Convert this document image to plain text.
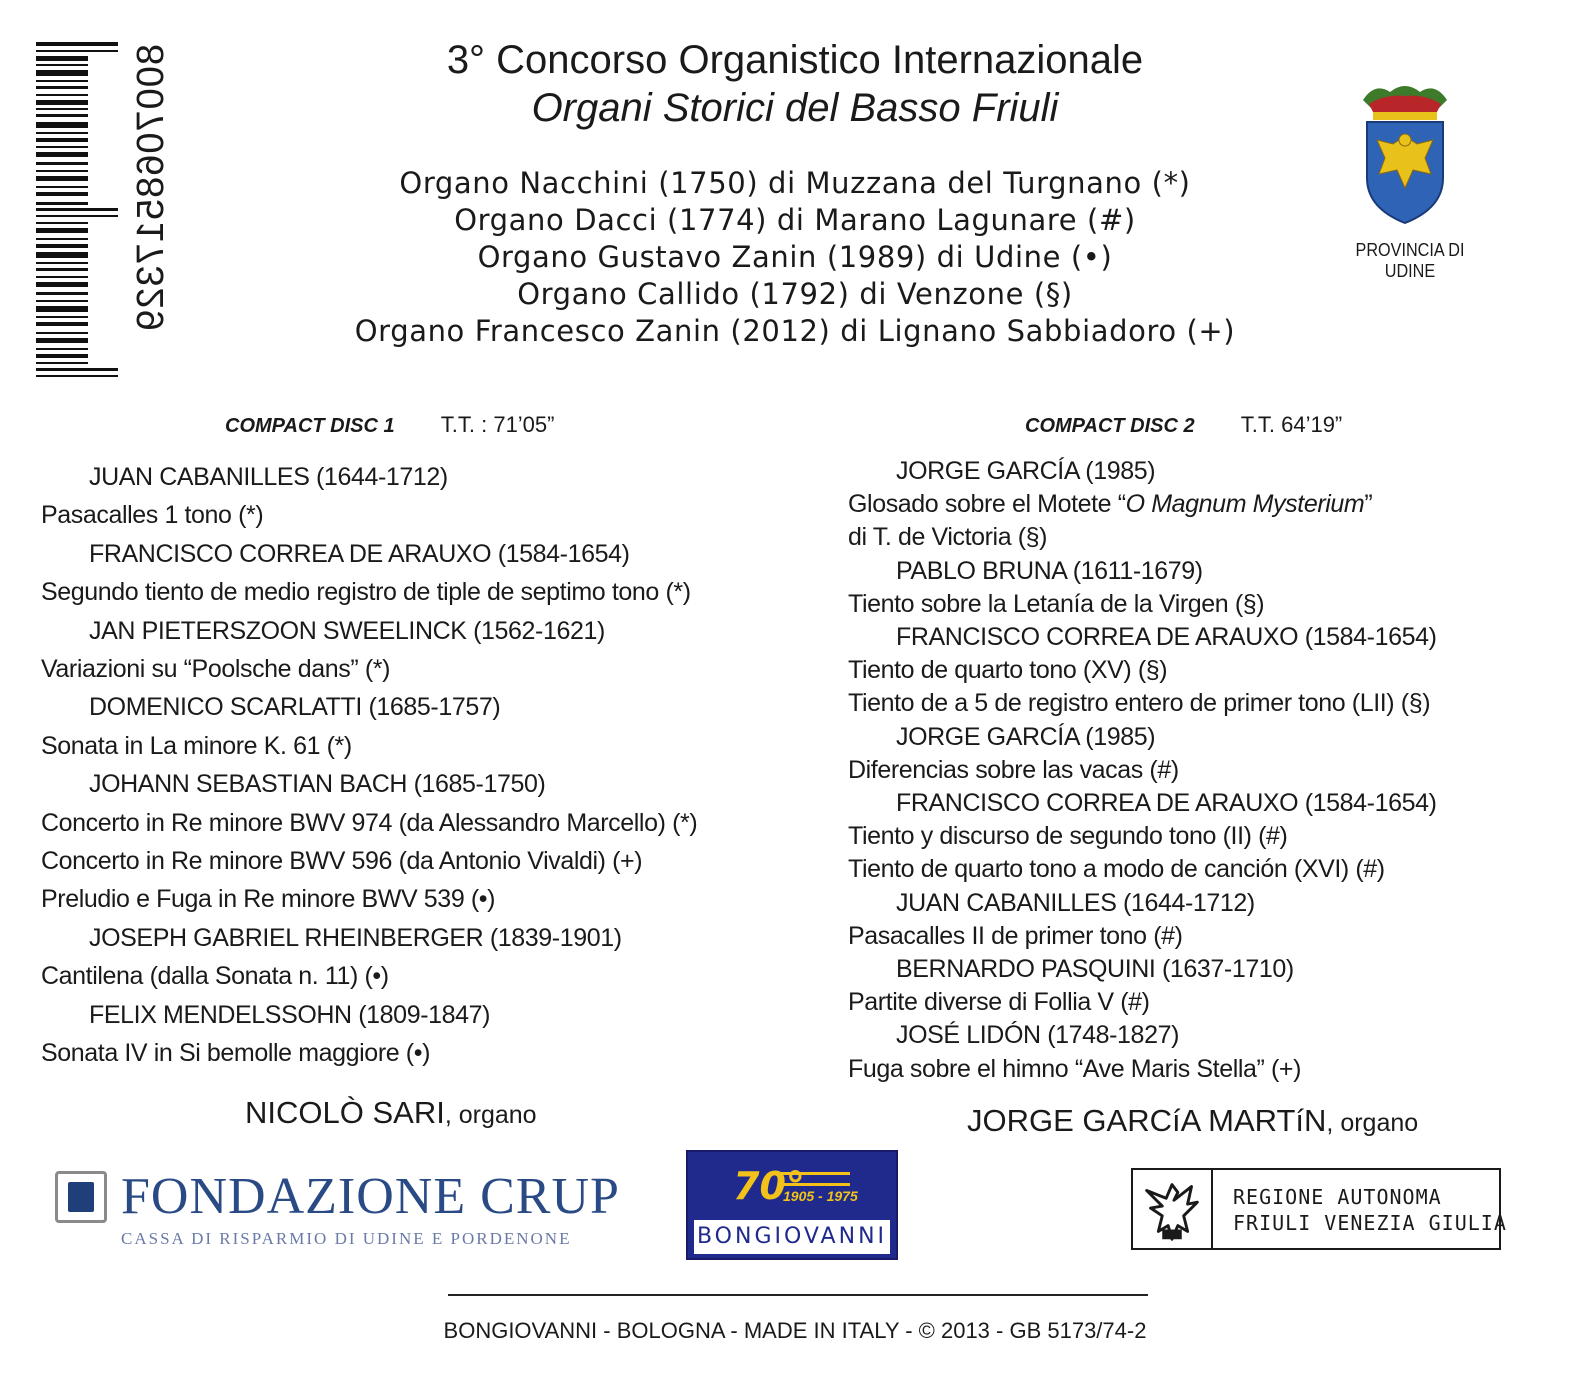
8007068517329	3° Concorso Organistico Internazionale
Organi Storici del Basso Friuli
Organo Nacchini (1750) di Muzzana del Turgnano (*)
Organo Dacci (1774) di Marano Lagunare (#)
Organo Gustavo Zanin (1989) di Udine (•)
Organo Callido (1792) di Venzone (§)
Organo Francesco Zanin (2012) di Lignano Sabbiadoro (+)
PROVINCIA DI UDINE
COMPACT DISC 1 T.T. : 71’05”	COMPACT DISC 2 T.T. 64’19”
JUAN CABANILLES (1644-1712)
Pasacalles 1 tono (*)
FRANCISCO CORREA DE ARAUXO (1584-1654)
Segundo tiento de medio registro de tiple de septimo tono (*)
JAN PIETERSZOON SWEELINCK (1562-1621)
Variazioni su “Poolsche dans” (*)
DOMENICO SCARLATTI (1685-1757)
Sonata in La minore K. 61 (*)
JOHANN SEBASTIAN BACH (1685-1750)
Concerto in Re minore BWV 974 (da Alessandro Marcello) (*)
Concerto in Re minore BWV 596 (da Antonio Vivaldi) (+)
Preludio e Fuga in Re minore BWV 539 (•)
JOSEPH GABRIEL RHEINBERGER (1839-1901)
Cantilena (dalla Sonata n. 11) (•)
FELIX MENDELSSOHN (1809-1847)
Sonata IV in Si bemolle maggiore (•)
JORGE GARCÍA (1985)
Glosado sobre el Motete “O Magnum Mysterium”
di T. de Victoria (§)
PABLO BRUNA (1611-1679)
Tiento sobre la Letanía de la Virgen (§)
FRANCISCO CORREA DE ARAUXO (1584-1654)
Tiento de quarto tono (XV) (§)
Tiento de a 5 de registro entero de primer tono (LII) (§)
JORGE GARCÍA (1985)
Diferencias sobre las vacas (#)
FRANCISCO CORREA DE ARAUXO (1584-1654)
Tiento y discurso de segundo tono (II) (#)
Tiento de quarto tono a modo de canción (XVI) (#)
JUAN CABANILLES (1644-1712)
Pasacalles II de primer tono (#)
BERNARDO PASQUINI (1637-1710)
Partite diverse di Follia V (#)
JOSÉ LIDÓN (1748-1827)
Fuga sobre el himno “Ave Maris Stella” (+)
NICOLÒ SARI, organo	JORGE GARCíA MARTíN, organo
FONDAZIONE CRUP
CASSA DI RISPARMIO DI UDINE E PORDENONE
70°
1905 - 1975
BONGIOVANNI
REGIONE AUTONOMA
FRIULI VENEZIA GIULIA
BONGIOVANNI - BOLOGNA - MADE IN ITALY - © 2013 - GB 5173/74-2
